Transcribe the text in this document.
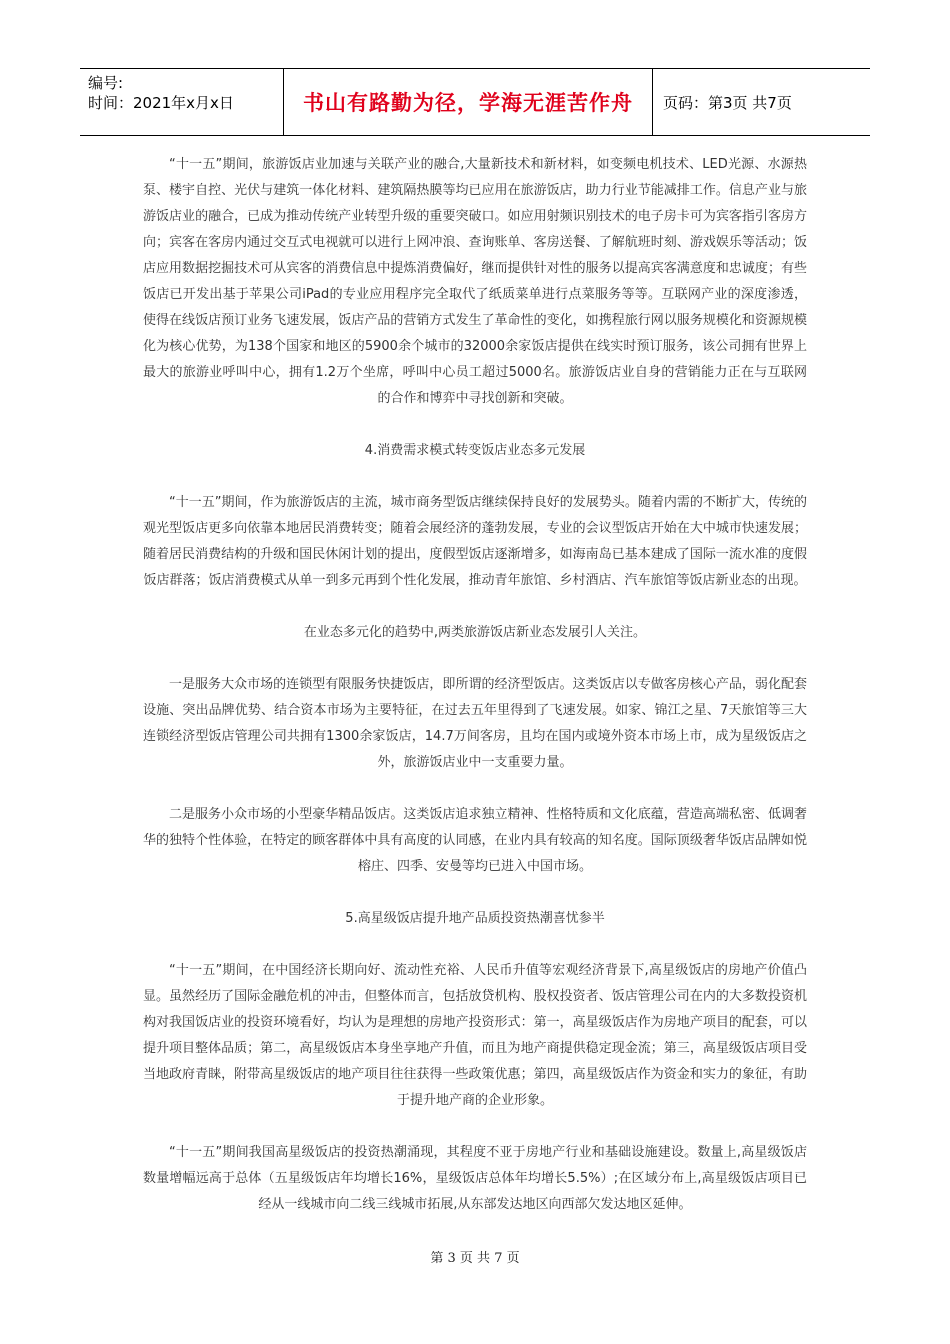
编号:
时间：2021年x月x日	书山有路勤为径，学海无涯苦作舟 页码：第3页 共7页

“十一五”期间，旅游饭店业加速与关联产业的融合,大量新技术和新材料，如变频电机技术、LED光源、水源热泵、楼宇自控、光伏与建筑一体化材料、建筑隔热膜等均已应用在旅游饭店，助力行业节能减排工作。信息产业与旅游饭店业的融合，已成为推动传统产业转型升级的重要突破口。如应用射频识别技术的电子房卡可为宾客指引客房方向；宾客在客房内通过交互式电视就可以进行上网冲浪、查询账单、客房送餐、了解航班时刻、游戏娱乐等活动；饭店应用数据挖掘技术可从宾客的消费信息中提炼消费偏好，继而提供针对性的服务以提高宾客满意度和忠诚度；有些饭店已开发出基于苹果公司iPad的专业应用程序完全取代了纸质菜单进行点菜服务等等。互联网产业的深度渗透，使得在线饭店预订业务飞速发展，饭店产品的营销方式发生了革命性的变化，如携程旅行网以服务规模化和资源规模化为核心优势，为138个国家和地区的5900余个城市的32000余家饭店提供在线实时预订服务，该公司拥有世界上最大的旅游业呼叫中心，拥有1.2万个坐席，呼叫中心员工超过5000名。旅游饭店业自身的营销能力正在与互联网的合作和博弈中寻找创新和突破。

4.消费需求模式转变饭店业态多元发展

“十一五”期间，作为旅游饭店的主流，城市商务型饭店继续保持良好的发展势头。随着内需的不断扩大，传统的观光型饭店更多向依靠本地居民消费转变；随着会展经济的蓬勃发展，专业的会议型饭店开始在大中城市快速发展；随着居民消费结构的升级和国民休闲计划的提出，度假型饭店逐渐增多，如海南岛已基本建成了国际一流水准的度假饭店群落；饭店消费模式从单一到多元再到个性化发展，推动青年旅馆、乡村酒店、汽车旅馆等饭店新业态的出现。

在业态多元化的趋势中,两类旅游饭店新业态发展引人关注。

一是服务大众市场的连锁型有限服务快捷饭店，即所谓的经济型饭店。这类饭店以专做客房核心产品，弱化配套设施、突出品牌优势、结合资本市场为主要特征，在过去五年里得到了飞速发展。如家、锦江之星、7天旅馆等三大连锁经济型饭店管理公司共拥有1300余家饭店，14.7万间客房，且均在国内或境外资本市场上市，成为星级饭店之外，旅游饭店业中一支重要力量。

二是服务小众市场的小型豪华精品饭店。这类饭店追求独立精神、性格特质和文化底蕴，营造高端私密、低调奢华的独特个性体验，在特定的顾客群体中具有高度的认同感，在业内具有较高的知名度。国际顶级奢华饭店品牌如悦榕庄、四季、安曼等均已进入中国市场。

5.高星级饭店提升地产品质投资热潮喜忧参半

“十一五”期间，在中国经济长期向好、流动性充裕、人民币升值等宏观经济背景下,高星级饭店的房地产价值凸显。虽然经历了国际金融危机的冲击，但整体而言，包括放贷机构、股权投资者、饭店管理公司在内的大多数投资机构对我国饭店业的投资环境看好，均认为是理想的房地产投资形式：第一，高星级饭店作为房地产项目的配套，可以提升项目整体品质；第二，高星级饭店本身坐享地产升值，而且为地产商提供稳定现金流；第三，高星级饭店项目受当地政府青睐，附带高星级饭店的地产项目往往获得一些政策优惠；第四，高星级饭店作为资金和实力的象征，有助于提升地产商的企业形象。

“十一五”期间我国高星级饭店的投资热潮涌现，其程度不亚于房地产行业和基础设施建设。数量上,高星级饭店数量增幅远高于总体（五星级饭店年均增长16%，星级饭店总体年均增长5.5%）;在区域分布上,高星级饭店项目已经从一线城市向二线三线城市拓展,从东部发达地区向西部欠发达地区延伸。

第 3 页 共 7 页
